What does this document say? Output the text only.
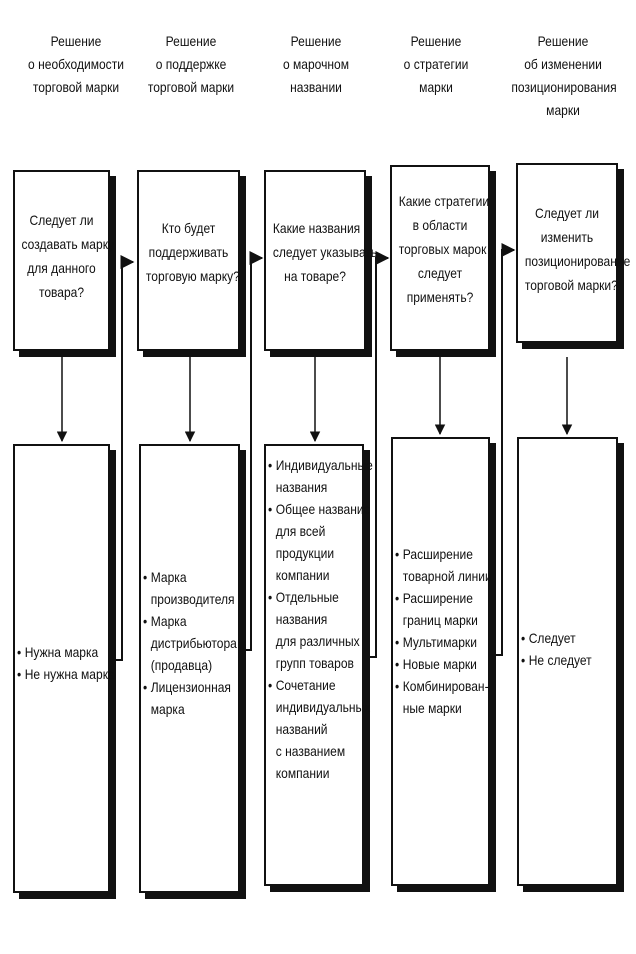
Решение
о необходимости
торговой марки
Решение
о поддержке
торговой марки
Решение
о марочном
названии
Решение
о стратегии
марки
Решение
об изменении
позиционирования
марки
Следует ли
создавать марку
для данного
товара?
Кто будет
поддерживать
торговую марку?
Какие названия
следует указывать
на товаре?
Какие стратегии
в области
торговых марок
следует
применять?
Следует ли
изменить
позиционирование
торговой марки?
• Нужна марка
• Не нужна марка
• Марка
производителя
• Марка
дистрибьютора
(продавца)
• Лицензионная
марка
• Индивидуальные
названия
• Общее название
для всей
продукции
компании
• Отдельные
названия
для различных
групп товаров
• Сочетание
индивидуальных
названий
с названием
компании
• Расширение
товарной линии
• Расширение
границ марки
• Мультимарки
• Новые марки
• Комбинирован-
ные марки
• Следует
• Не следует
